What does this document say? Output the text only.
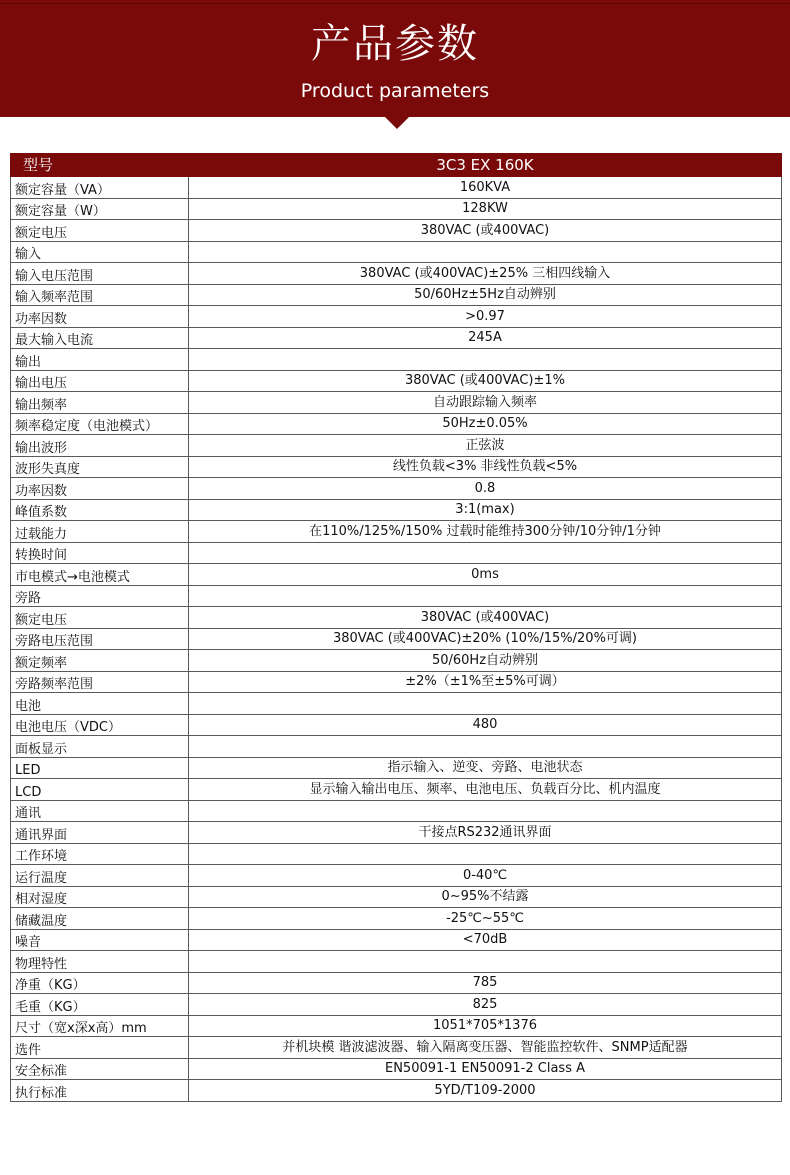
产品参数
Product parameters
型号	3C3 EX 160K
额定容量（VA）	160KVA
额定容量（W）	128KW
额定电压	380VAC (或400VAC)
输入	
输入电压范围	380VAC (或400VAC)±25% 三相四线输入
输入频率范围	50/60Hz±5Hz自动辨别
功率因数	>0.97
最大输入电流	245A
输出	
输出电压	380VAC (或400VAC)±1%
输出频率	自动跟踪输入频率
频率稳定度（电池模式）	50Hz±0.05%
输出波形	正弦波
波形失真度	线性负载<3% 非线性负载<5%
功率因数	0.8
峰值系数	3:1(max)
过载能力	在110%/125%/150% 过载时能维持300分钟/10分钟/1分钟
转换时间	
市电模式→电池模式	0ms
旁路	
额定电压	380VAC (或400VAC)
旁路电压范围	380VAC (或400VAC)±20% (10%/15%/20%可调)
额定频率	50/60Hz自动辨别
旁路频率范围	±2%（±1%至±5%可调）
电池	
电池电压（VDC）	480
面板显示	
LED	指示输入、逆变、旁路、电池状态
LCD	显示输入输出电压、频率、电池电压、负载百分比、机内温度
通讯	
通讯界面	干接点RS232通讯界面
工作环境	
运行温度	0-40℃
相对湿度	0~95%不结露
储藏温度	-25℃~55℃
噪音	<70dB
物理特性	
净重（KG）	785
毛重（KG）	825
尺寸（宽x深x高）mm	1051*705*1376
选件	并机块模 谐波滤波器、输入隔离变压器、智能监控软件、SNMP适配器
安全标准	EN50091-1 EN50091-2 Class A
执行标准	5YD/T109-2000
